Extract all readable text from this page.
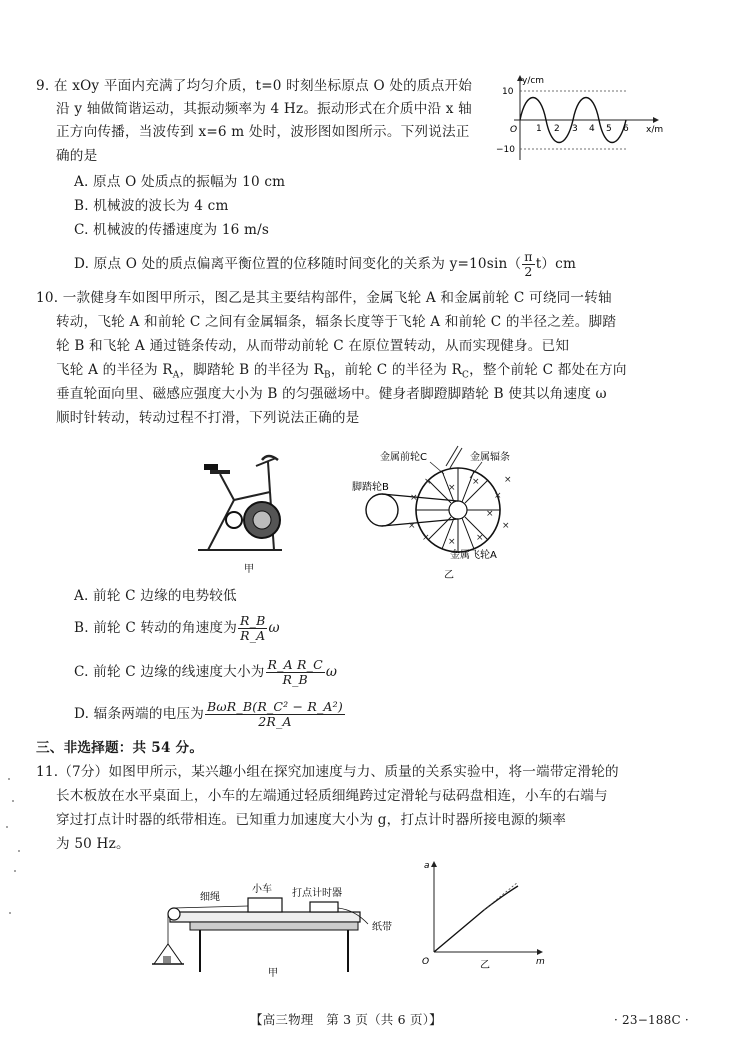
9. 在 xOy 平面内充满了均匀介质，t=0 时刻坐标原点 O 处的质点开始
沿 y 轴做简谐运动，其振动频率为 4 Hz。振动形式在介质中沿 x 轴
正方向传播，当波传到 x=6 m 处时，波形图如图所示。下列说法正
确的是
A. 原点 O 处质点的振幅为 10 cm
B. 机械波的波长为 4 cm
C. 机械波的传播速度为 16 m/s
D. 原点 O 处的质点偏离平衡位置的位移随时间变化的关系为 $y=10\sin( \frac{\pi}{2} t)cm$
y/cm
x/m
O
10
−10
1 2 3 4 5 6
10. 一款健身车如图甲所示，图乙是其主要结构部件，金属飞轮 A 和金属前轮 C 可绕同一转轴
转动，飞轮 A 和前轮 C 之间有金属辐条，辐条长度等于飞轮 A 和前轮 C 的半径之差。脚踏
轮 B 和飞轮 A 通过链条传动，从而带动前轮 C 在原位置转动，从而实现健身。已知
飞轮 A 的半径为 $R_A$，脚踏轮 B 的半径为 $R_B$，前轮 C 的半径为 $R_C$，整个前轮 C 都处在方向
垂直轮面向里、磁感应强度大小为 B 的匀强磁场中。健身者脚蹬脚踏轮 B 使其以角速度 ω
顺时针转动，转动过程不打滑，下列说法正确的是
甲
金属前轮C	金属辐条
脚踏轮B
金属飞轮A
×	×
×
×
×	×
×
×
×
×
×
×
乙
A. 前轮 C 边缘的电势较低
B. 前轮 C 转动的角速度为 $\frac{R\_B}{R\_A}$ ω
C. 前轮 C 边缘的线速度大小为 $\frac{\text{R\_A R\_C}}{R\_B}$ ω
D. 辐条两端的电压为 $\frac{\text{BωR\_B(R\_C² − R\_A²)}}{2R\_A}$
三、非选择题：共 54 分。
11.（7分）如图甲所示，某兴趣小组在探究加速度与力、质量的关系实验中，将一端带定滑轮的
长木板放在水平桌面上，小车的左端通过轻质细绳跨过定滑轮与砝码盘相连，小车的右端与
穿过打点计时器的纸带相连。已知重力加速度大小为 g，打点计时器所接电源的频率
为 50 Hz。
细绳
小车 打点计时器
纸带
甲
a
m
O	乙
【高三物理　第 3 页（共 6 页）】	· 23−188C ·
